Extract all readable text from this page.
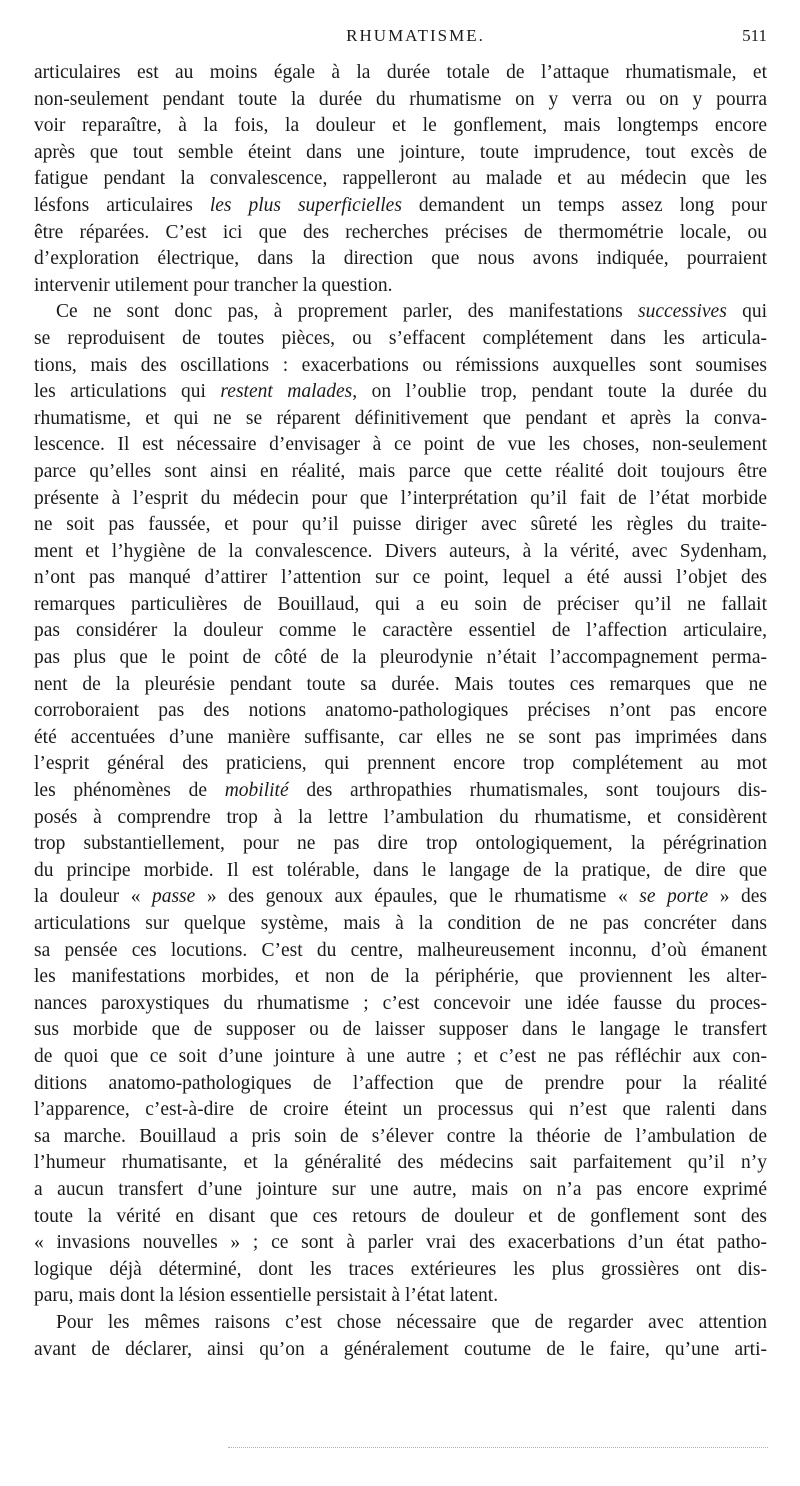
RHUMATISME.	511
articulaires est au moins égale à la durée totale de l’attaque rhumatismale, et
non-seulement pendant toute la durée du rhumatisme on y verra ou on y pourra
voir reparaître, à la fois, la douleur et le gonflement, mais longtemps encore
après que tout semble éteint dans une jointure, toute imprudence, tout excès de
fatigue pendant la convalescence, rappelleront au malade et au médecin que les
lésfons articulaires les plus superficielles demandent un temps assez long pour
être réparées. C’est ici que des recherches précises de thermométrie locale, ou
d’exploration électrique, dans la direction que nous avons indiquée, pourraient
intervenir utilement pour trancher la question.
Ce ne sont donc pas, à proprement parler, des manifestations successives qui
se reproduisent de toutes pièces, ou s’effacent complétement dans les articula-
tions, mais des oscillations : exacerbations ou rémissions auxquelles sont soumises
les articulations qui restent malades, on l’oublie trop, pendant toute la durée du
rhumatisme, et qui ne se réparent définitivement que pendant et après la conva-
lescence. Il est nécessaire d’envisager à ce point de vue les choses, non-seulement
parce qu’elles sont ainsi en réalité, mais parce que cette réalité doit toujours être
présente à l’esprit du médecin pour que l’interprétation qu’il fait de l’état morbide
ne soit pas faussée, et pour qu’il puisse diriger avec sûreté les règles du traite-
ment et l’hygiène de la convalescence. Divers auteurs, à la vérité, avec Sydenham,
n’ont pas manqué d’attirer l’attention sur ce point, lequel a été aussi l’objet des
remarques particulières de Bouillaud, qui a eu soin de préciser qu’il ne fallait
pas considérer la douleur comme le caractère essentiel de l’affection articulaire,
pas plus que le point de côté de la pleurodynie n’était l’accompagnement perma-
nent de la pleurésie pendant toute sa durée. Mais toutes ces remarques que ne
corroboraient pas des notions anatomo-pathologiques précises n’ont pas encore
été accentuées d’une manière suffisante, car elles ne se sont pas imprimées dans
l’esprit général des praticiens, qui prennent encore trop complétement au mot
les phénomènes de mobilité des arthropathies rhumatismales, sont toujours dis-
posés à comprendre trop à la lettre l’ambulation du rhumatisme, et considèrent
trop substantiellement, pour ne pas dire trop ontologiquement, la pérégrination
du principe morbide. Il est tolérable, dans le langage de la pratique, de dire que
la douleur « passe » des genoux aux épaules, que le rhumatisme « se porte » des
articulations sur quelque système, mais à la condition de ne pas concréter dans
sa pensée ces locutions. C’est du centre, malheureusement inconnu, d’où émanent
les manifestations morbides, et non de la périphérie, que proviennent les alter-
nances paroxystiques du rhumatisme ; c’est concevoir une idée fausse du proces-
sus morbide que de supposer ou de laisser supposer dans le langage le transfert
de quoi que ce soit d’une jointure à une autre ; et c’est ne pas réfléchir aux con-
ditions anatomo-pathologiques de l’affection que de prendre pour la réalité
l’apparence, c’est-à-dire de croire éteint un processus qui n’est que ralenti dans
sa marche. Bouillaud a pris soin de s’élever contre la théorie de l’ambulation de
l’humeur rhumatisante, et la généralité des médecins sait parfaitement qu’il n’y
a aucun transfert d’une jointure sur une autre, mais on n’a pas encore exprimé
toute la vérité en disant que ces retours de douleur et de gonflement sont des
« invasions nouvelles » ; ce sont à parler vrai des exacerbations d’un état patho-
logique déjà déterminé, dont les traces extérieures les plus grossières ont dis-
paru, mais dont la lésion essentielle persistait à l’état latent.
Pour les mêmes raisons c’est chose nécessaire que de regarder avec attention
avant de déclarer, ainsi qu’on a généralement coutume de le faire, qu’une arti-
